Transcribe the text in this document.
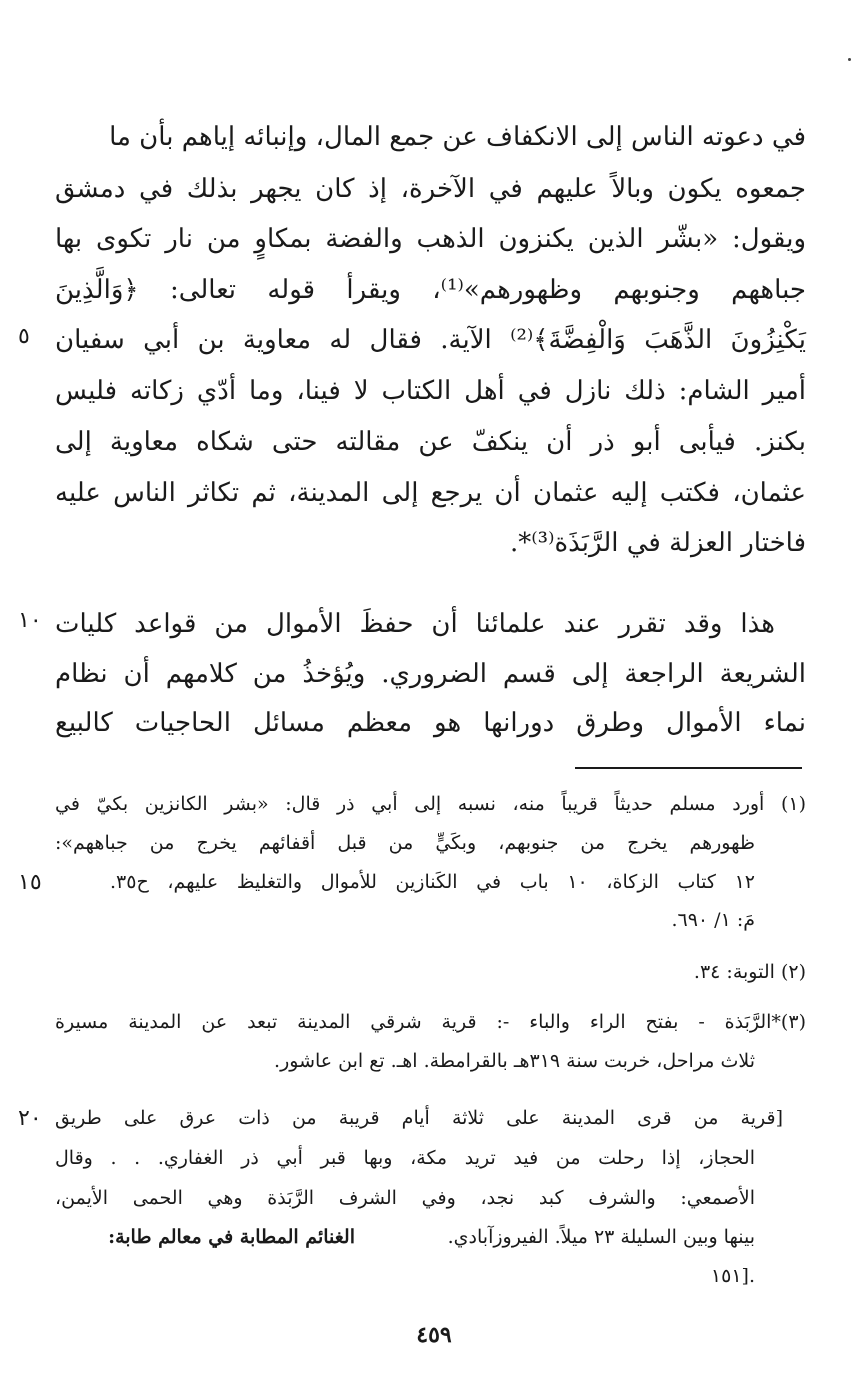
في دعوته الناس إلى الانكفاف عن جمع المال، وإنبائه إياهم بأن ما
جمعوه يكون وبالاً عليهم في الآخرة، إذ كان يجهر بذلك في دمشق
ويقول: «بشّر الذين يكنزون الذهب والفضة بمكاوٍ من نار تكوى بها
جباههم وجنوبهم وظهورهم»⁽¹⁾، ويقرأ قوله تعالى: ﴿وَالَّذِينَ
يَكْنِزُونَ الذَّهَبَ وَالْفِضَّةَ﴾⁽²⁾ الآية. فقال له معاوية بن أبي سفيان
أمير الشام: ذلك نازل في أهل الكتاب لا فينا، وما أدّي زكاته فليس
بكنز. فيأبى أبو ذر أن ينكفّ عن مقالته حتى شكاه معاوية إلى
عثمان، فكتب إليه عثمان أن يرجع إلى المدينة، ثم تكاثر الناس عليه
فاختار العزلة في الرَّبَذَة⁽³⁾*.
هذا وقد تقرر عند علمائنا أن حفظَ الأموال من قواعد كليات
الشريعة الراجعة إلى قسم الضروري. ويُؤخذُ من كلامهم أن نظام
نماء الأموال وطرق دورانها هو معظم مسائل الحاجيات كالبيع
(١) أورد مسلم حديثاً قريباً منه، نسبه إلى أبي ذر قال: «بشر الكانزين بكيّ في
ظهورهم يخرج من جنوبهم، وبكَيٍّ من قبل أقفائهم يخرج من جباههم»:
١٢ كتاب الزكاة، ١٠ باب في الكَنازين للأموال والتغليظ عليهم، ح٣٥.
مَ: ١/ ٦٩٠.
(٢) التوبة: ٣٤.
(٣)*الرَّبَذة - بفتح الراء والباء -: قرية شرقي المدينة تبعد عن المدينة مسيرة
ثلاث مراحل، خربت سنة ٣١٩هـ بالقرامطة. اهـ. تع ابن عاشور.
[قرية من قرى المدينة على ثلاثة أيام قريبة من ذات عرق على طريق
الحجاز، إذا رحلت من فيد تريد مكة، وبها قبر أبي ذر الغفاري. . . وقال
الأصمعي: والشرف كبد نجد، وفي الشرف الرَّبَذة وهي الحمى الأيمن،
بينها وبين السليلة ٢٣ ميلاً. الفيروزآبادي.
الغنائم المطابة في معالم طابة:
.[١٥١
٥
١٠
١٥
٢٠
٤٥٩
